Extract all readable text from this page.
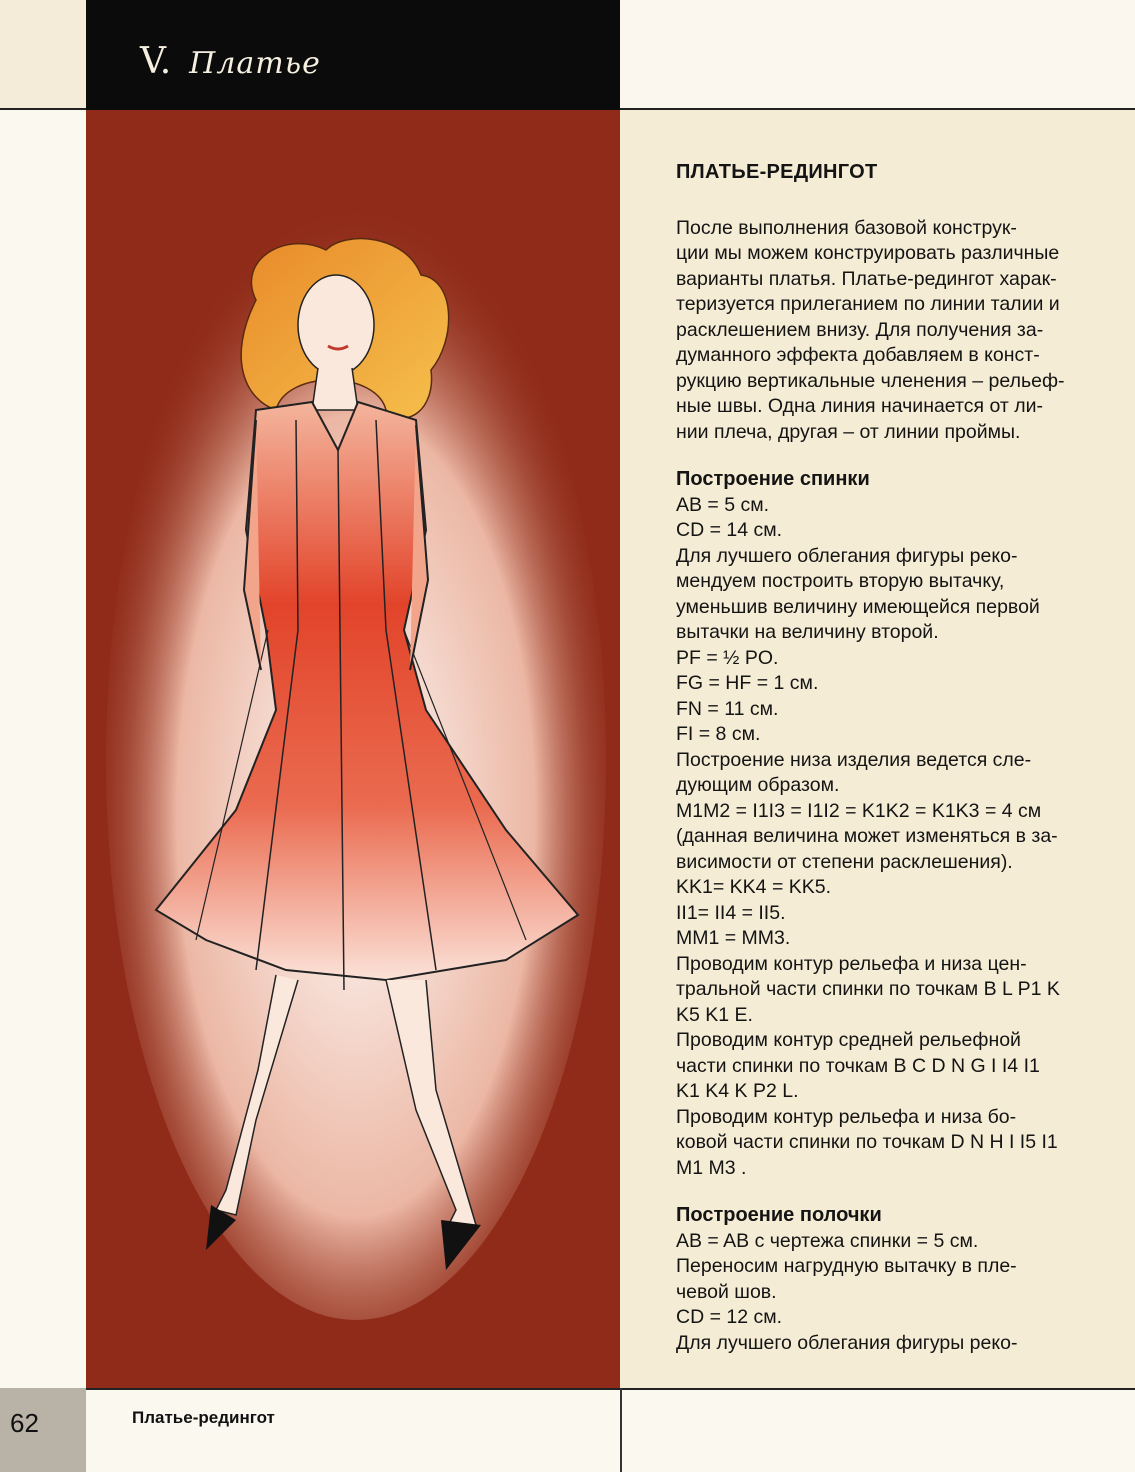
V. Платье
ПЛАТЬЕ-РЕДИНГОТ

После выполнения базовой конструк-

ции мы можем конструировать различные

варианты платья. Платье-редингот харак-

теризуется прилеганием по линии талии и

расклешением внизу. Для получения за-

думанного эффекта добавляем в конст-

рукцию вертикальные членения – рельеф-

ные швы. Одна линия начинается от ли-

нии плеча, другая – от линии проймы.

Построение спинки

AB = 5 см.

CD = 14 см.

Для лучшего облегания фигуры реко-

мендуем построить вторую вытачку,

уменьшив величину имеющейся первой

вытачки на величину второй.

PF = ½ PO.

FG = HF = 1 см.

FN = 11 см.

FI = 8 см.

Построение низа изделия ведется сле-

дующим образом.

M1M2 = I1I3 = I1I2 = K1K2 = K1K3 = 4 см

(данная величина может изменяться в за-

висимости от степени расклешения).

KK1= KK4 = KK5.

II1= II4 = II5.

MM1 = MM3.

Проводим контур рельефа и низа цен-

тральной части спинки по точкам B L P1 K

K5 K1 E.

Проводим контур средней рельефной

части спинки по точкам B C D N G I I4 I1

K1 K4 K P2 L.

Проводим контур рельефа и низа бо-

ковой части спинки по точкам D N H I I5 I1

M1 M3 .

Построение полочки

AB = AB с чертежа спинки = 5 см.

Переносим нагрудную вытачку в пле-

чевой шов.

CD = 12 см.

Для лучшего облегания фигуры реко-

62	Платье-редингот
